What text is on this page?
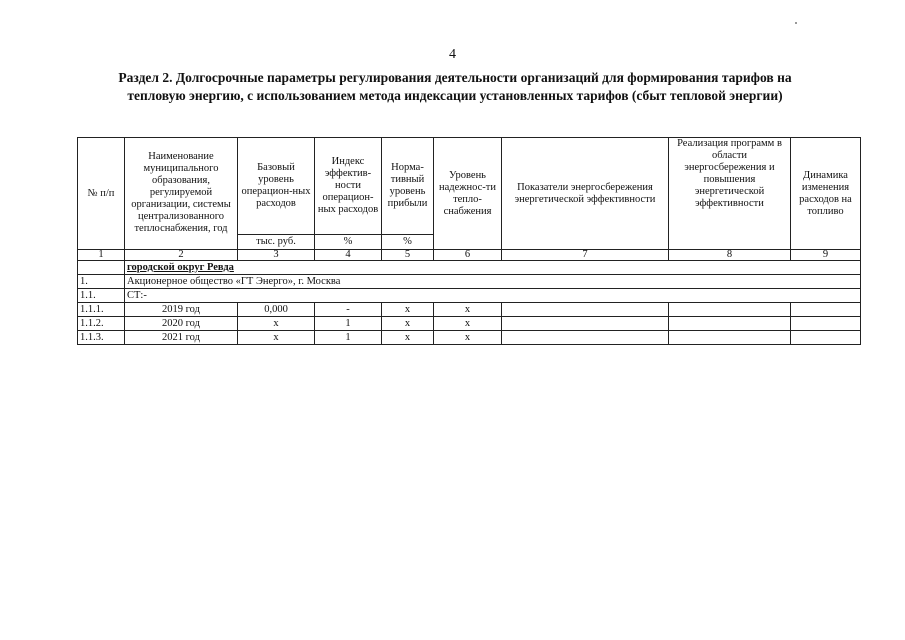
4
Раздел 2. Долгосрочные параметры регулирования деятельности организаций для формирования тарифов на
тепловую энергию, с использованием метода индексации установленных тарифов (сбыт тепловой энергии)
№ п/п	Наименование муниципального образования, регулируемой организации, системы централизованного теплоснабжения, год	Базовый уровень операцион-ных расходов	Индекс эффектив-ности операцион-ных расходов	Норма-тивный уровень прибыли	Уровень надежнос-ти тепло-снабжения	Показатели энергосбережения энергетической эффективности	Реализация программ в области энергосбережения и повышения энергетической эффективности	Динамика изменения расходов на топливо
		тыс. руб.	%	%				
1	2	3	4	5	6	7	8	9
	городской округ Ревда							
1.	Акционерное общество «ГТ Энерго», г. Москва							
1.1.	СТ:-							
1.1.1.	2019 год	0,000	-	х	х			
1.1.2.	2020 год	х	1	х	х			
1.1.3.	2021 год	х	1	х	х			
